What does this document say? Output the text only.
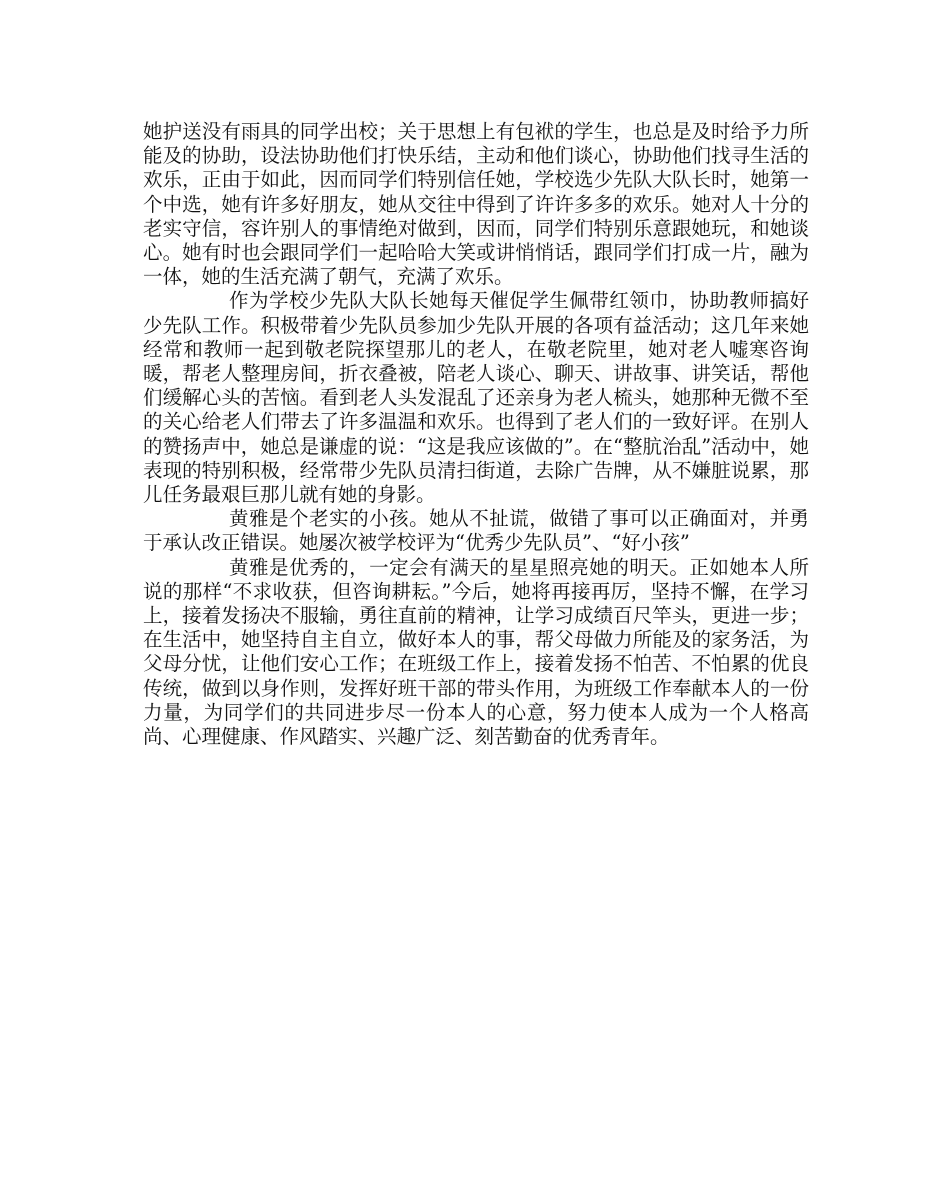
她护送没有雨具的同学出校；关于思想上有包袱的学生，也总是及时给予力所能及的协助，设法协助他们打快乐结，主动和他们谈心，协助他们找寻生活的欢乐，正由于如此，因而同学们特别信任她，学校选少先队大队长时，她第一个中选，她有许多好朋友，她从交往中得到了许许多多的欢乐。她对人十分的老实守信，容许别人的事情绝对做到，因而，同学们特别乐意跟她玩，和她谈心。她有时也会跟同学们一起哈哈大笑或讲悄悄话，跟同学们打成一片，融为一体，她的生活充满了朝气，充满了欢乐。

作为学校少先队大队长她每天催促学生佩带红领巾，协助教师搞好少先队工作。积极带着少先队员参加少先队开展的各项有益活动；这几年来她经常和教师一起到敬老院探望那儿的老人，在敬老院里，她对老人嘘寒咨询暖，帮老人整理房间，折衣叠被，陪老人谈心、聊天、讲故事、讲笑话，帮他们缓解心头的苦恼。看到老人头发混乱了还亲身为老人梳头，她那种无微不至的关心给老人们带去了许多温温和欢乐。也得到了老人们的一致好评。在别人的赞扬声中，她总是谦虚的说：“这是我应该做的”。在“整肮治乱”活动中，她表现的特别积极，经常带少先队员清扫街道，去除广告牌，从不嫌脏说累，那儿任务最艰巨那儿就有她的身影。

黄雅是个老实的小孩。她从不扯谎，做错了事可以正确面对，并勇于承认改正错误。她屡次被学校评为“优秀少先队员”、“好小孩”

黄雅是优秀的，一定会有满天的星星照亮她的明天。正如她本人所说的那样“不求收获，但咨询耕耘。”今后，她将再接再厉，坚持不懈，在学习上，接着发扬决不服输，勇往直前的精神，让学习成绩百尺竿头，更进一步；在生活中，她坚持自主自立，做好本人的事，帮父母做力所能及的家务活，为父母分忧，让他们安心工作；在班级工作上，接着发扬不怕苦、不怕累的优良传统，做到以身作则，发挥好班干部的带头作用，为班级工作奉献本人的一份力量，为同学们的共同进步尽一份本人的心意，努力使本人成为一个人格高尚、心理健康、作风踏实、兴趣广泛、刻苦勤奋的优秀青年。
